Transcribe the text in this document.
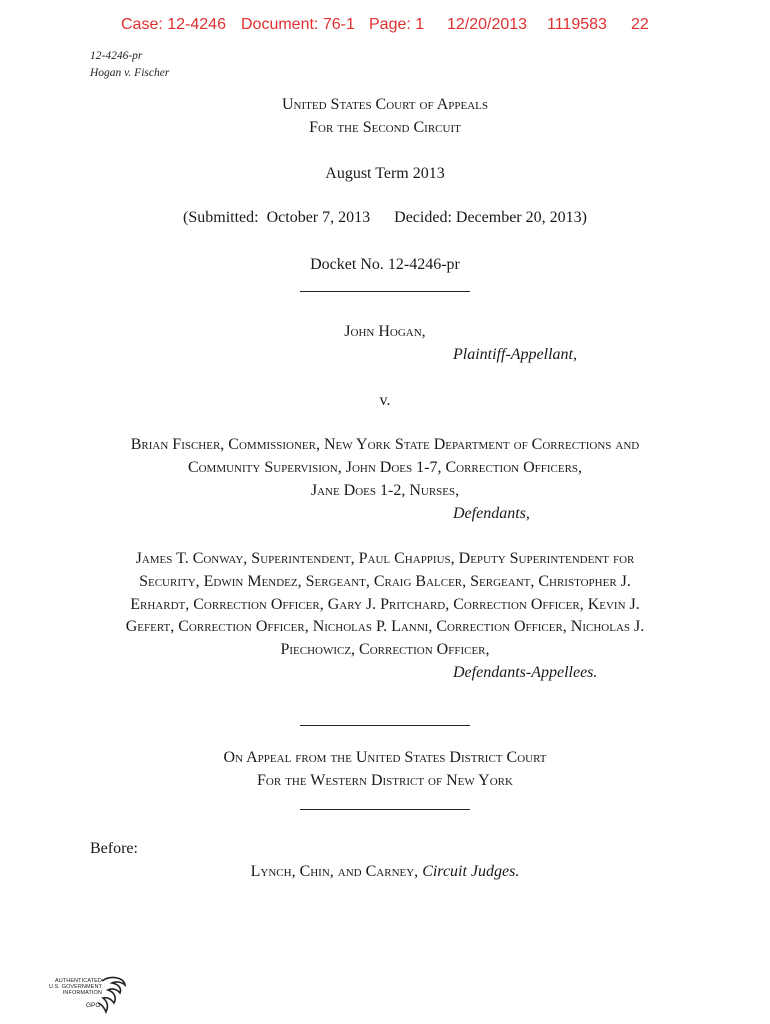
Case: 12-4246 Document: 76-1 Page: 1 12/20/2013 1119583 22
12-4246-pr
Hogan v. Fischer
United States Court of Appeals
For the Second Circuit
August Term 2013
(Submitted:  October 7, 2013      Decided: December 20, 2013)
Docket No. 12-4246-pr
John Hogan,
Plaintiff-Appellant,
v.
Brian Fischer, Commissioner, New York State Department of Corrections and
Community Supervision, John Does 1-7, Correction Officers,
Jane Does 1-2, Nurses,
Defendants,
James T. Conway, Superintendent, Paul Chappius, Deputy Superintendent for
Security, Edwin Mendez, Sergeant, Craig Balcer, Sergeant, Christopher J.
Erhardt, Correction Officer, Gary J. Pritchard, Correction Officer, Kevin J.
Gefert, Correction Officer, Nicholas P. Lanni, Correction Officer, Nicholas J.
Piechowicz, Correction Officer,
Defendants-Appellees.
On Appeal from the United States District Court
For the Western District of New York
Before:
Lynch, Chin, and Carney, Circuit Judges.
AUTHENTICATED
U.S. GOVERNMENT
INFORMATION
GPO
